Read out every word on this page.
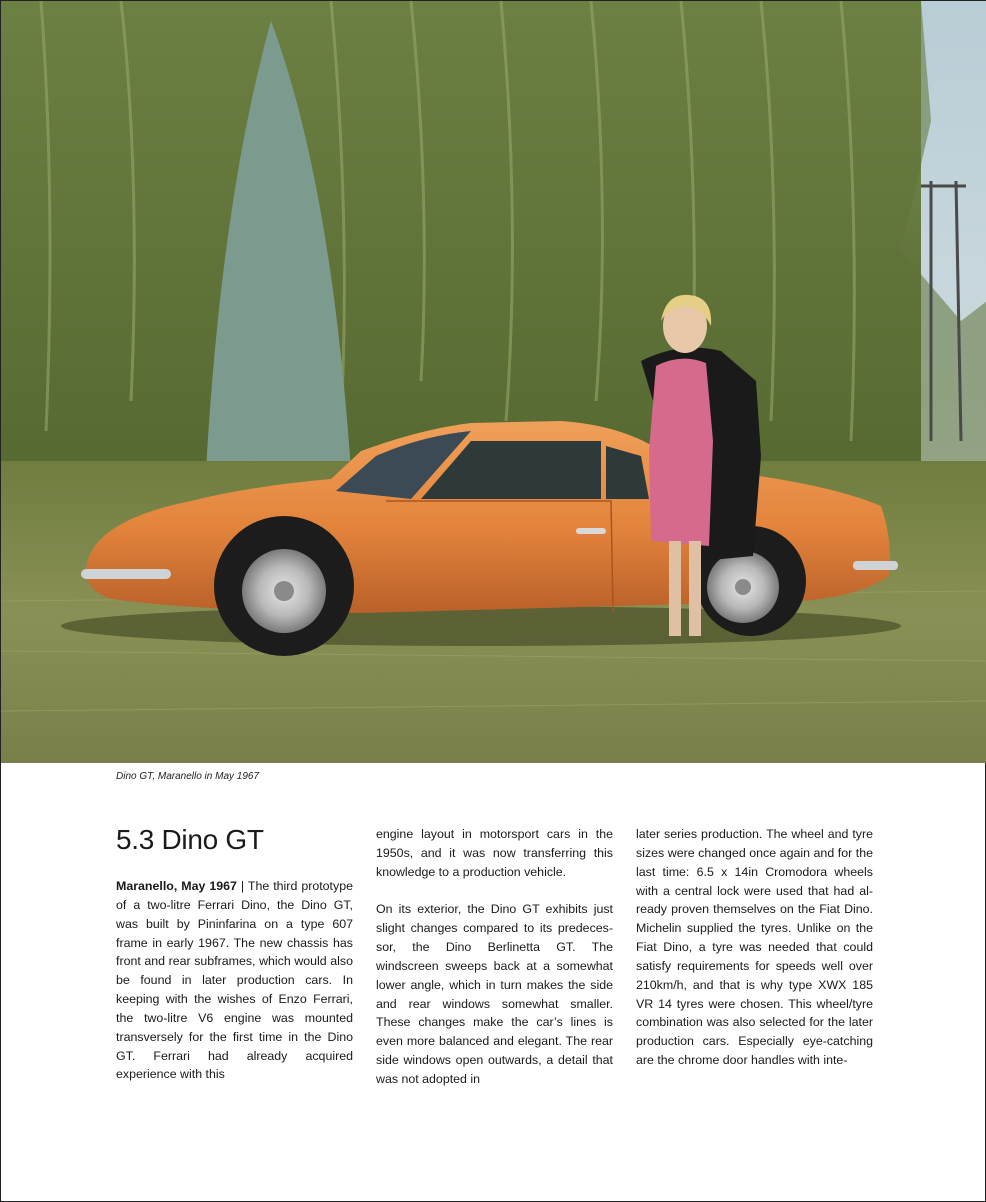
Dino GT, Maranello in May 1967
5.3 Dino GT

Maranello, May 1967 | The third prototype of a two-litre Ferrari Dino, the Dino GT, was built by Pininfarina on a type 607 frame in early 1967. The new chassis has front and rear subframes, which would also be found in later production cars. In keeping with the wishes of Enzo Ferrari, the two-litre V6 engine was mounted transversely for the first time in the Dino GT. Ferrari had already acquired experience with this

engine layout in motorsport cars in the 1950s, and it was now transferring this knowledge to a production vehicle.

On its exterior, the Dino GT exhibits just slight changes compared to its predecessor, the Dino Berlinetta GT. The windscreen sweeps back at a somewhat lower angle, which in turn makes the side and rear windows somewhat smaller. These changes make the car’s lines is even more balanced and elegant. The rear side windows open outwards, a detail that was not adopted in

later series production. The wheel and tyre sizes were changed once again and for the last time: 6.5 x 14in Cromodora wheels with a central lock were used that had already proven themselves on the Fiat Dino. Michelin supplied the tyres. Unlike on the Fiat Dino, a tyre was needed that could satisfy requirements for speeds well over 210km/h, and that is why type XWX 185 VR 14 tyres were chosen. This wheel/tyre combination was also selected for the later production cars. Especially eye-catching are the chrome door handles with inte-
